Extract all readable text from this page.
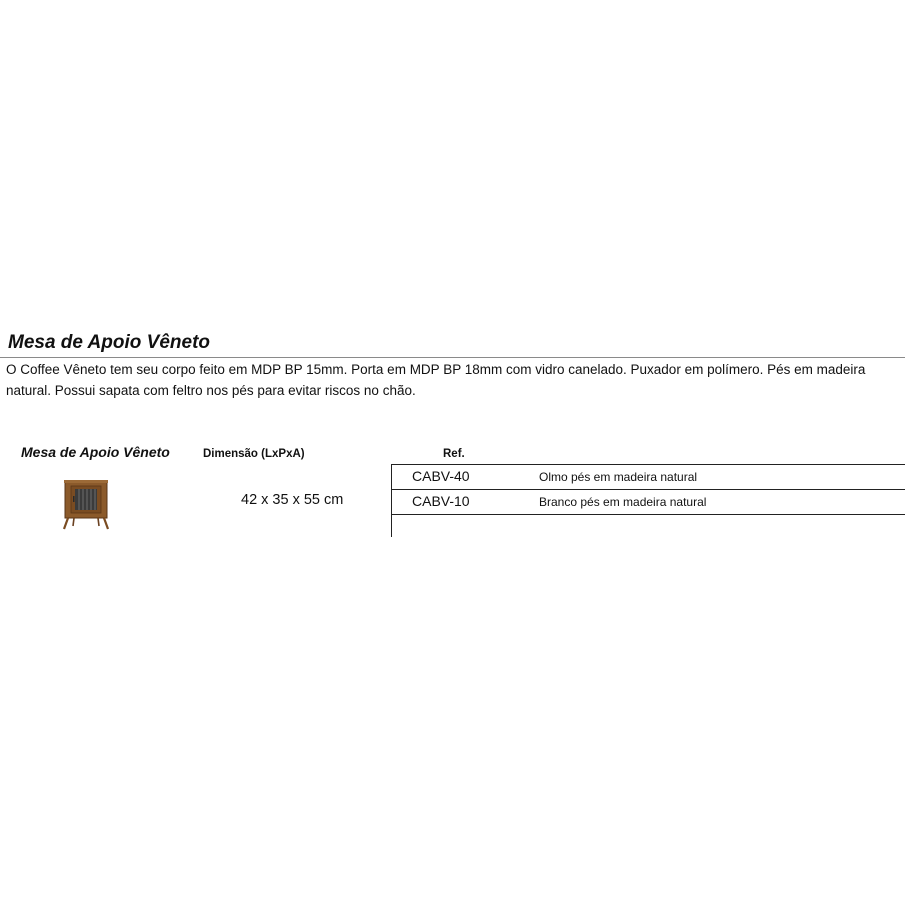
Mesa de Apoio Vêneto
O Coffee Vêneto tem seu corpo feito em MDP BP 15mm. Porta em MDP BP 18mm com vidro canelado. Puxador em polímero. Pés em madeira natural. Possui sapata com feltro nos pés para evitar riscos no chão.
Mesa de Apoio Vêneto	Dimensão (LxPxA)	Ref.
42 x 35 x 55 cm
CABV-40	Olmo pés em madeira natural
CABV-10	Branco pés em madeira natural
